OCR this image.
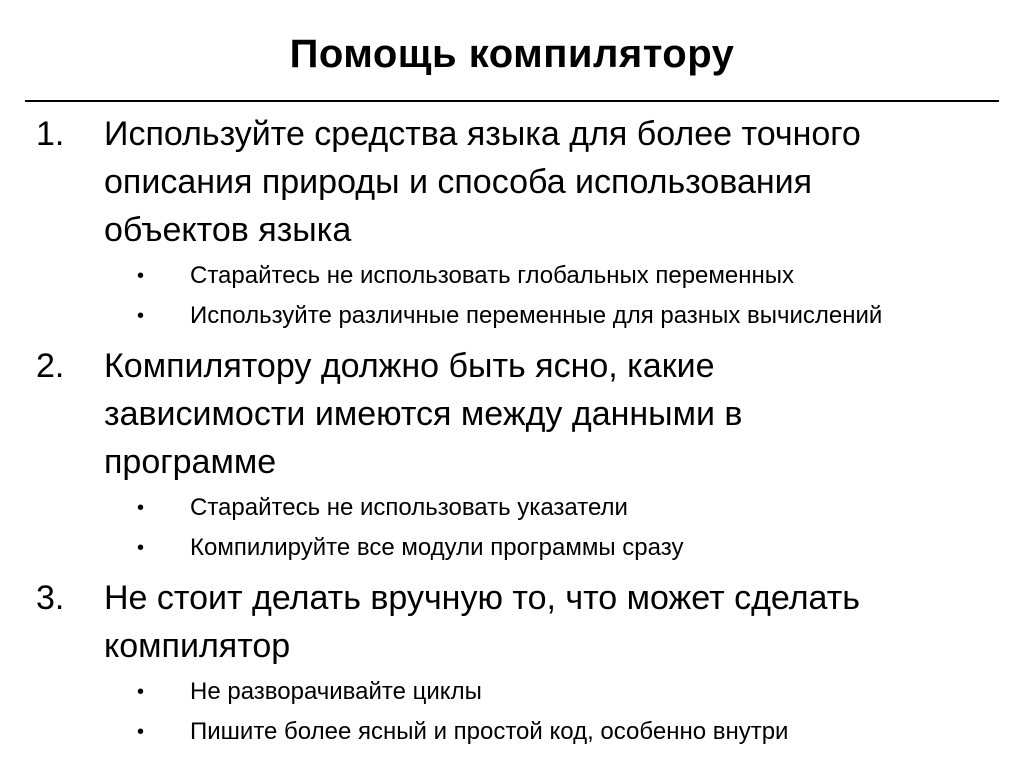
Помощь компилятору
1. Используйте средства языка для более точного описания природы и способа использования объектов языка
• Старайтесь не использовать глобальных переменных
• Используйте различные переменные для разных вычислений
2. Компилятору должно быть ясно, какие зависимости имеются между данными в программе
• Старайтесь не использовать указатели
• Компилируйте все модули программы сразу
3. Не стоит делать вручную то, что может сделать компилятор
• Не разворачивайте циклы
• Пишите более ясный и простой код, особенно внутри
